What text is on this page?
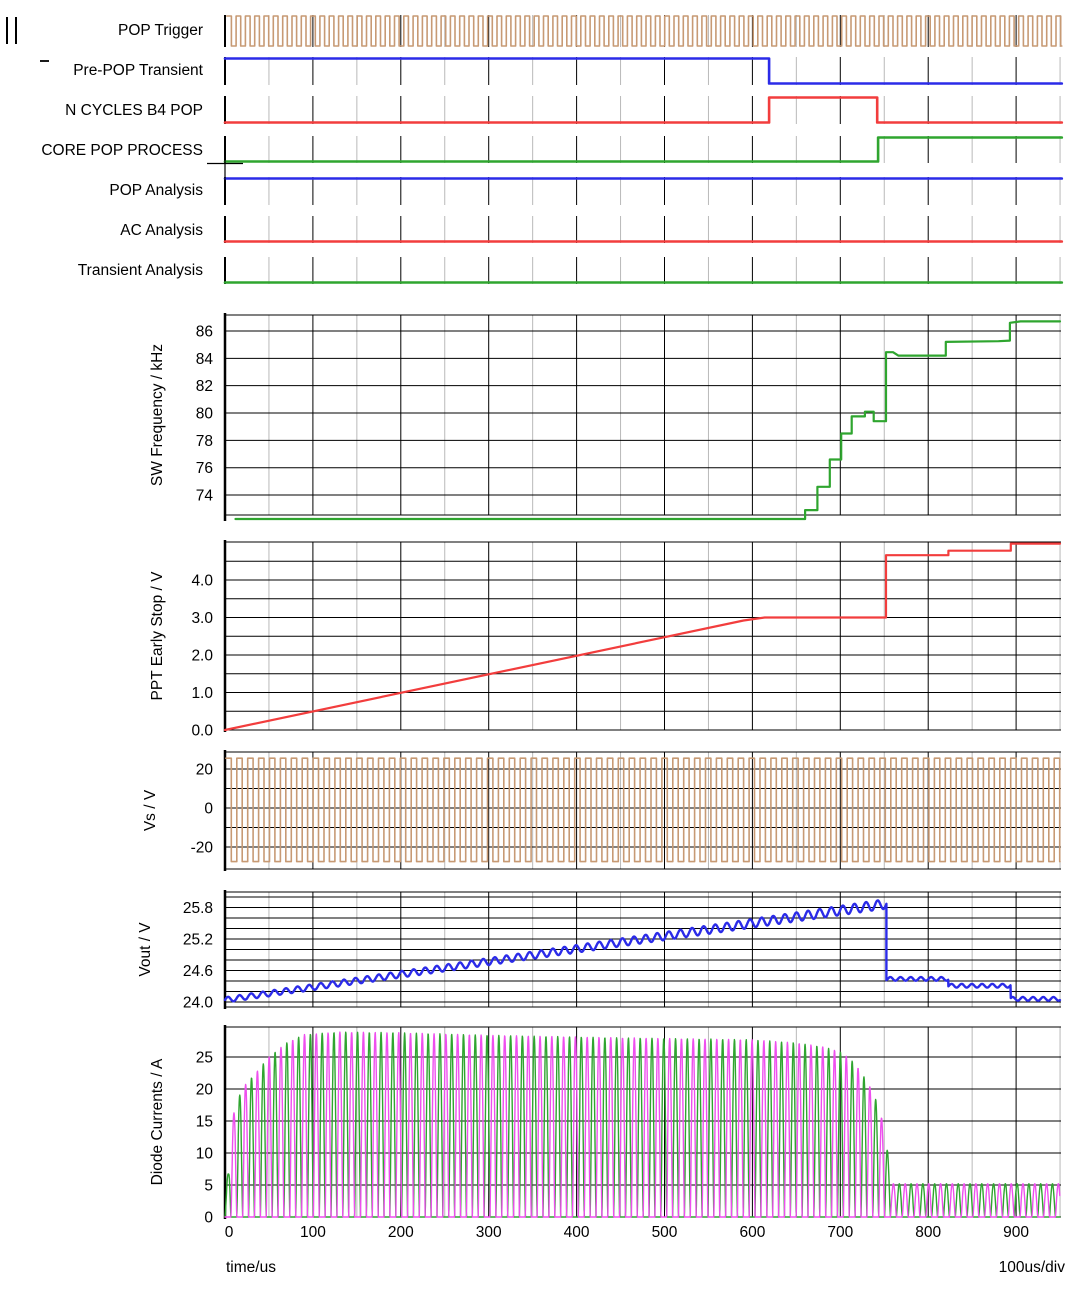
POP Trigger
Pre-POP Transient
N CYCLES B4 POP
CORE POP PROCESS
POP Analysis
AC Analysis
Transient Analysis
74
76
78
80
82
84
86
SW Frequency / kHz
0.0
1.0
2.0
3.0
4.0
PPT Early Stop / V
20
0
-20
Vs / V
24.0
24.6
25.2
25.8
Vout / V
0
5
10
15
20
25
Diode Currents / A
0	100	200	300	400	500	600	700	800	900
time/us	100us/div
